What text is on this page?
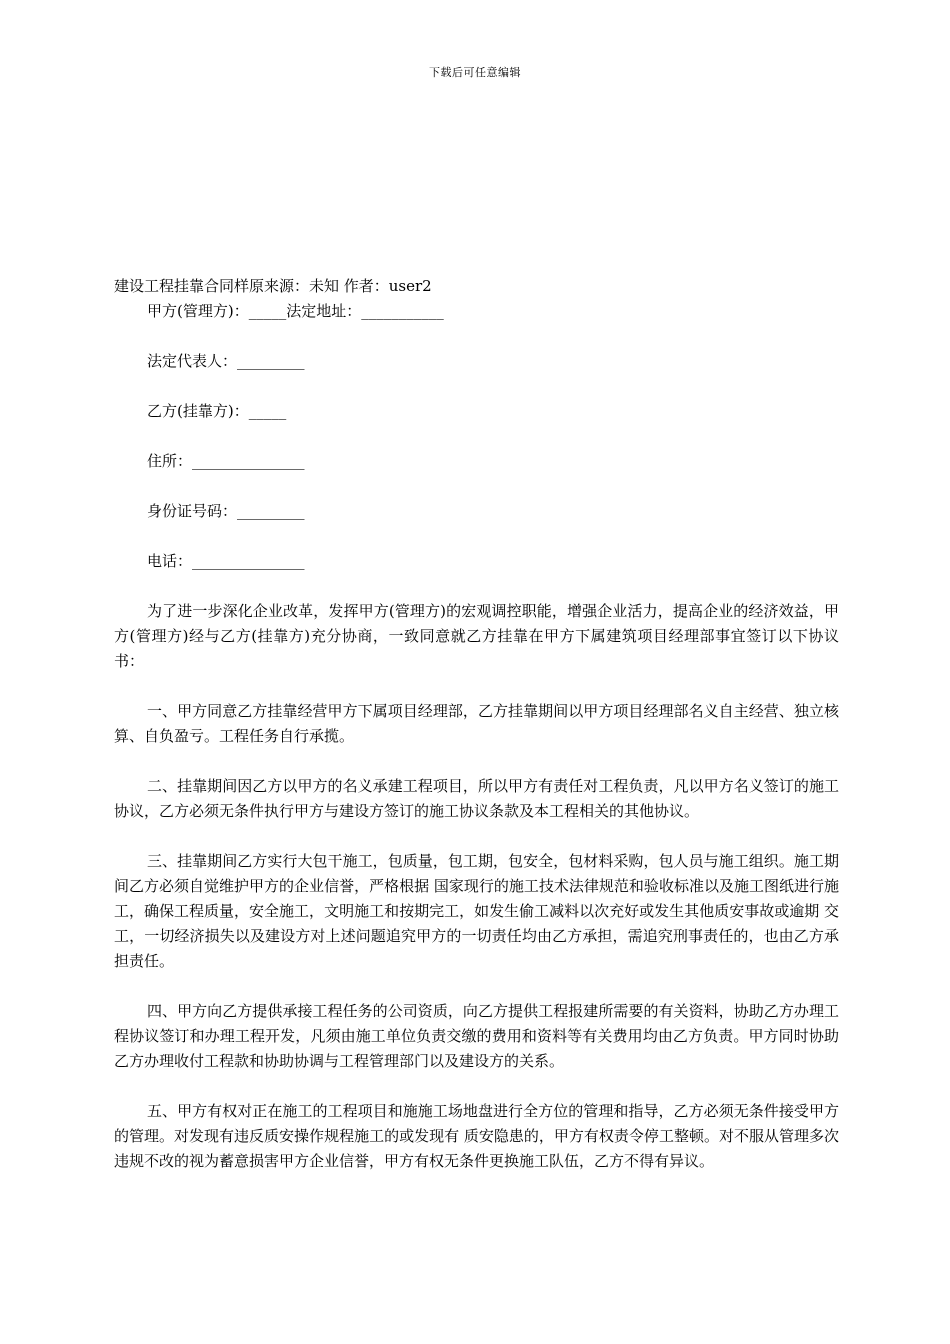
下载后可任意编辑

建设工程挂靠合同样原来源：未知 作者：user2

甲方(管理方)：_____法定地址：___________

法定代表人：_________

乙方(挂靠方)：_____

住所：_______________

身份证号码：_________

电话：_______________

为了进一步深化企业改革，发挥甲方(管理方)的宏观调控职能，增强企业活力，提高企业的经济效益，甲方(管理方)经与乙方(挂靠方)充分协商，一致同意就乙方挂靠在甲方下属建筑项目经理部事宜签订以下协议书：

一、甲方同意乙方挂靠经营甲方下属项目经理部，乙方挂靠期间以甲方项目经理部名义自主经营、独立核算、自负盈亏。工程任务自行承揽。

二、挂靠期间因乙方以甲方的名义承建工程项目，所以甲方有责任对工程负责，凡以甲方名义签订的施工协议，乙方必须无条件执行甲方与建设方签订的施工协议条款及本工程相关的其他协议。

三、挂靠期间乙方实行大包干施工，包质量，包工期，包安全，包材料采购，包人员与施工组织。施工期间乙方必须自觉维护甲方的企业信誉，严格根据 国家现行的施工技术法律规范和验收标准以及施工图纸进行施工，确保工程质量，安全施工，文明施工和按期完工，如发生偷工减料以次充好或发生其他质安事故或逾期 交工，一切经济损失以及建设方对上述问题追究甲方的一切责任均由乙方承担，需追究刑事责任的，也由乙方承担责任。

四、甲方向乙方提供承接工程任务的公司资质，向乙方提供工程报建所需要的有关资料，协助乙方办理工程协议签订和办理工程开发，凡须由施工单位负责交缴的费用和资料等有关费用均由乙方负责。甲方同时协助乙方办理收付工程款和协助协调与工程管理部门以及建设方的关系。

五、甲方有权对正在施工的工程项目和施施工场地盘进行全方位的管理和指导，乙方必须无条件接受甲方的管理。对发现有违反质安操作规程施工的或发现有 质安隐患的，甲方有权责令停工整顿。对不服从管理多次违规不改的视为蓄意损害甲方企业信誉，甲方有权无条件更换施工队伍，乙方不得有异议。
